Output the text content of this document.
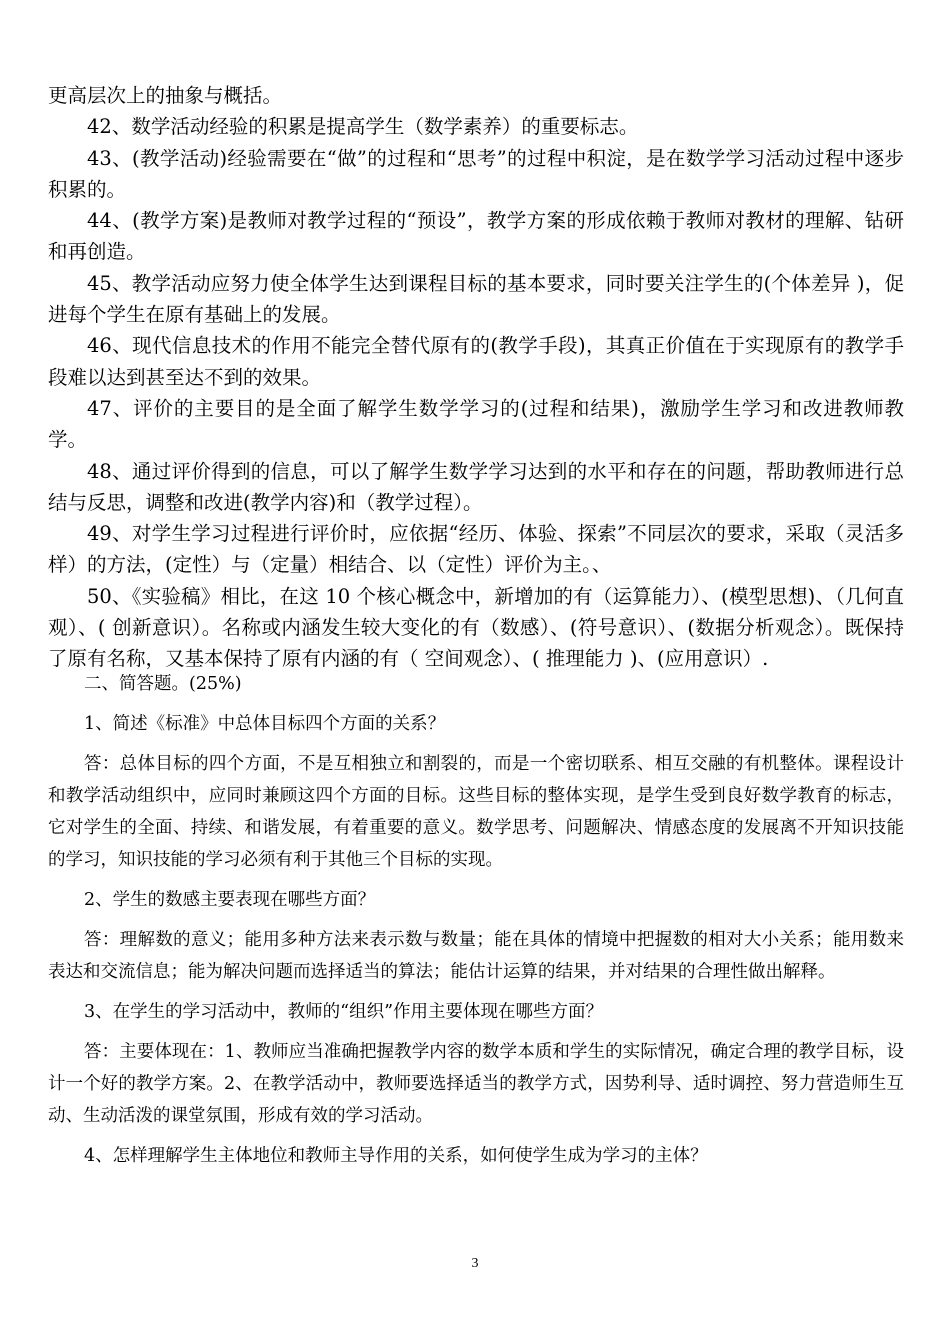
更高层次上的抽象与概括。

42、数学活动经验的积累是提高学生（数学素养）的重要标志。

43、(教学活动)经验需要在“做”的过程和“思考”的过程中积淀，是在数学学习活动过程中逐步积累的。

44、(教学方案)是教师对教学过程的“预设”，教学方案的形成依赖于教师对教材的理解、钻研和再创造。

45、教学活动应努力使全体学生达到课程目标的基本要求，同时要关注学生的(个体差异 )，促进每个学生在原有基础上的发展。

46、现代信息技术的作用不能完全替代原有的(教学手段)，其真正价值在于实现原有的教学手段难以达到甚至达不到的效果。

47、评价的主要目的是全面了解学生数学学习的(过程和结果)，激励学生学习和改进教师教学。

48、通过评价得到的信息，可以了解学生数学学习达到的水平和存在的问题，帮助教师进行总结与反思，调整和改进(教学内容)和（教学过程）。

49、对学生学习过程进行评价时，应依据“经历、体验、探索”不同层次的要求，采取（灵活多样）的方法，(定性）与（定量）相结合、以（定性）评价为主。、

50、《实验稿》相比，在这 10 个核心概念中，新增加的有（运算能力）、(模型思想)、（几何直观）、( 创新意识）。名称或内涵发生较大变化的有（数感）、(符号意识）、(数据分析观念）。既保持了原有名称，又基本保持了原有内涵的有（ 空间观念）、( 推理能力 )、(应用意识）.

二、简答题。(25%)

1、简述《标准》中总体目标四个方面的关系？

答：总体目标的四个方面，不是互相独立和割裂的，而是一个密切联系、相互交融的有机整体。课程设计和教学活动组织中，应同时兼顾这四个方面的目标。这些目标的整体实现，是学生受到良好数学教育的标志，它对学生的全面、持续、和谐发展，有着重要的意义。数学思考、问题解决、情感态度的发展离不开知识技能的学习，知识技能的学习必须有利于其他三个目标的实现。

2、学生的数感主要表现在哪些方面？

答：理解数的意义；能用多种方法来表示数与数量；能在具体的情境中把握数的相对大小关系；能用数来表达和交流信息；能为解决问题而选择适当的算法；能估计运算的结果，并对结果的合理性做出解释。

3、在学生的学习活动中，教师的“组织”作用主要体现在哪些方面？

答：主要体现在：1、教师应当准确把握教学内容的数学本质和学生的实际情况，确定合理的教学目标，设计一个好的教学方案。2、在教学活动中，教师要选择适当的教学方式，因势利导、适时调控、努力营造师生互动、生动活泼的课堂氛围，形成有效的学习活动。

4、怎样理解学生主体地位和教师主导作用的关系，如何使学生成为学习的主体？

3
